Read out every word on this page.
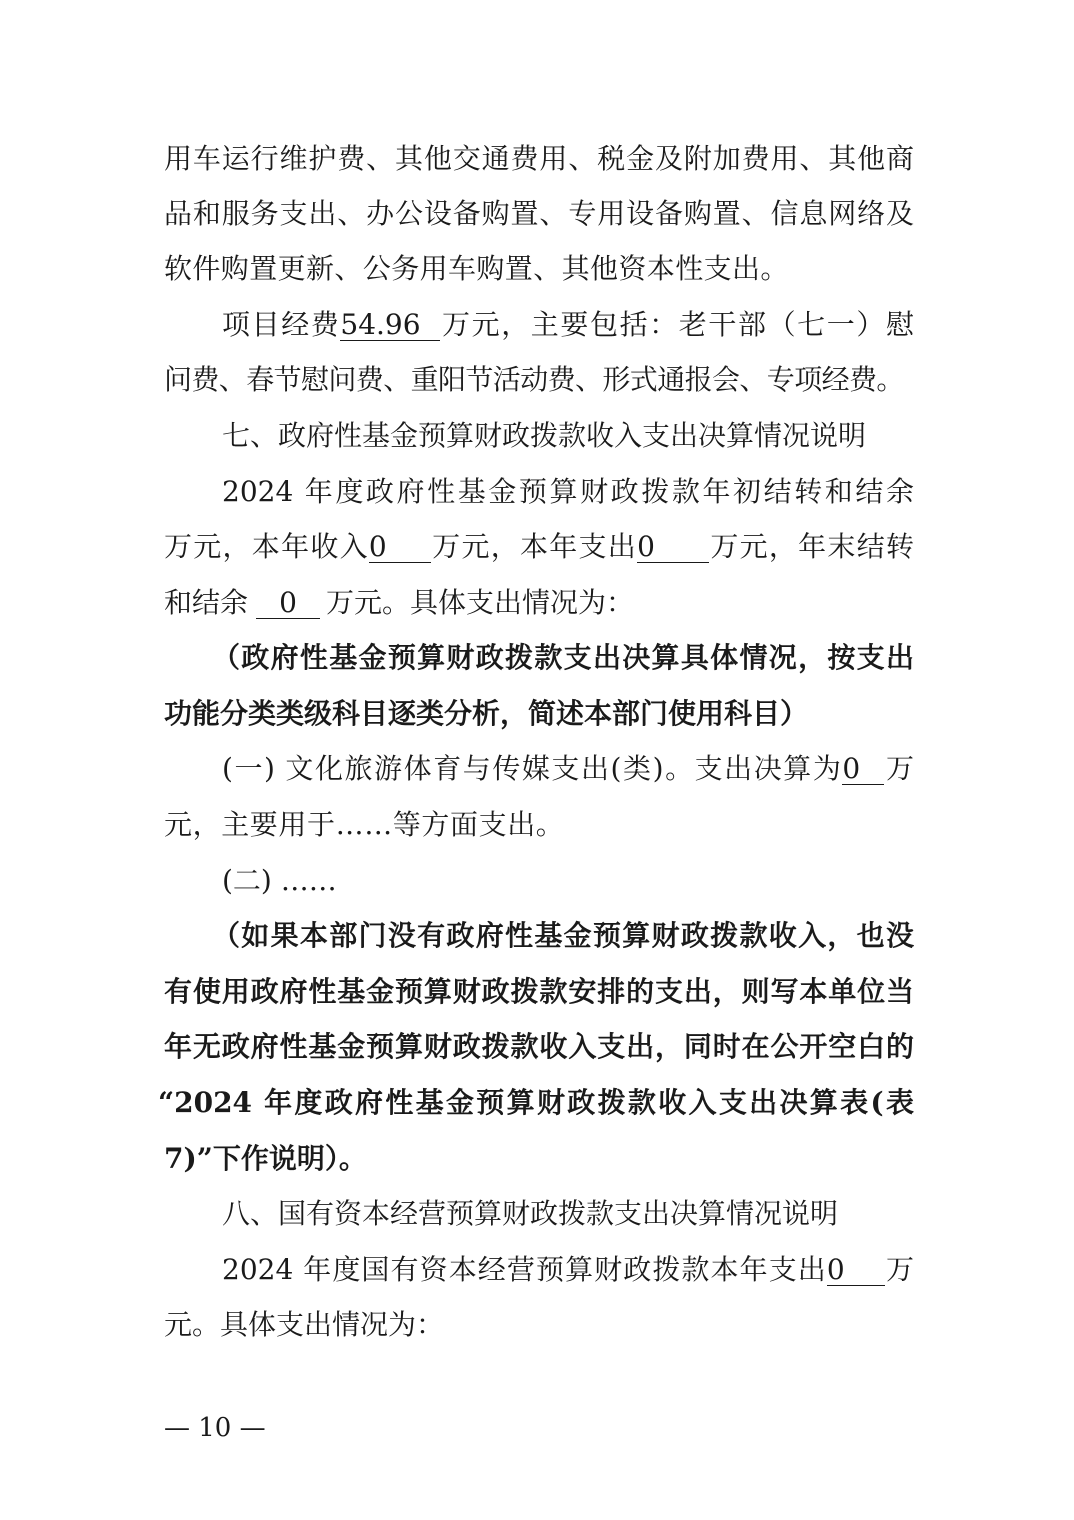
用车运行维护费、其他交通费用、税金及附加费用、其他商
品和服务支出、办公设备购置、专用设备购置、信息网络及
软件购置更新、公务用车购置、其他资本性支出。
项目经费54.96 万元，主要包括：老干部（七一）慰
问费、春节慰问费、重阳节活动费、形式通报会、专项经费。
七、政府性基金预算财政拨款收入支出决算情况说明
2024 年度政府性基金预算财政拨款年初结转和结余
万元，本年收入0 万元，本年支出0 万元，年末结转
和结余 0 万元。具体支出情况为：
（政府性基金预算财政拨款支出决算具体情况，按支出
功能分类类级科目逐类分析，简述本部门使用科目）
(一) 文化旅游体育与传媒支出(类)。支出决算为0 万
元，主要用于……等方面支出。
(二) ……
（如果本部门没有政府性基金预算财政拨款收入，也没
有使用政府性基金预算财政拨款安排的支出，则写本单位当
年无政府性基金预算财政拨款收入支出，同时在公开空白的
“2024 年度政府性基金预算财政拨款收入支出决算表(表
7)”下作说明）。
八、国有资本经营预算财政拨款支出决算情况说明
2024 年度国有资本经营预算财政拨款本年支出0 万
元。具体支出情况为：
— 10 —
